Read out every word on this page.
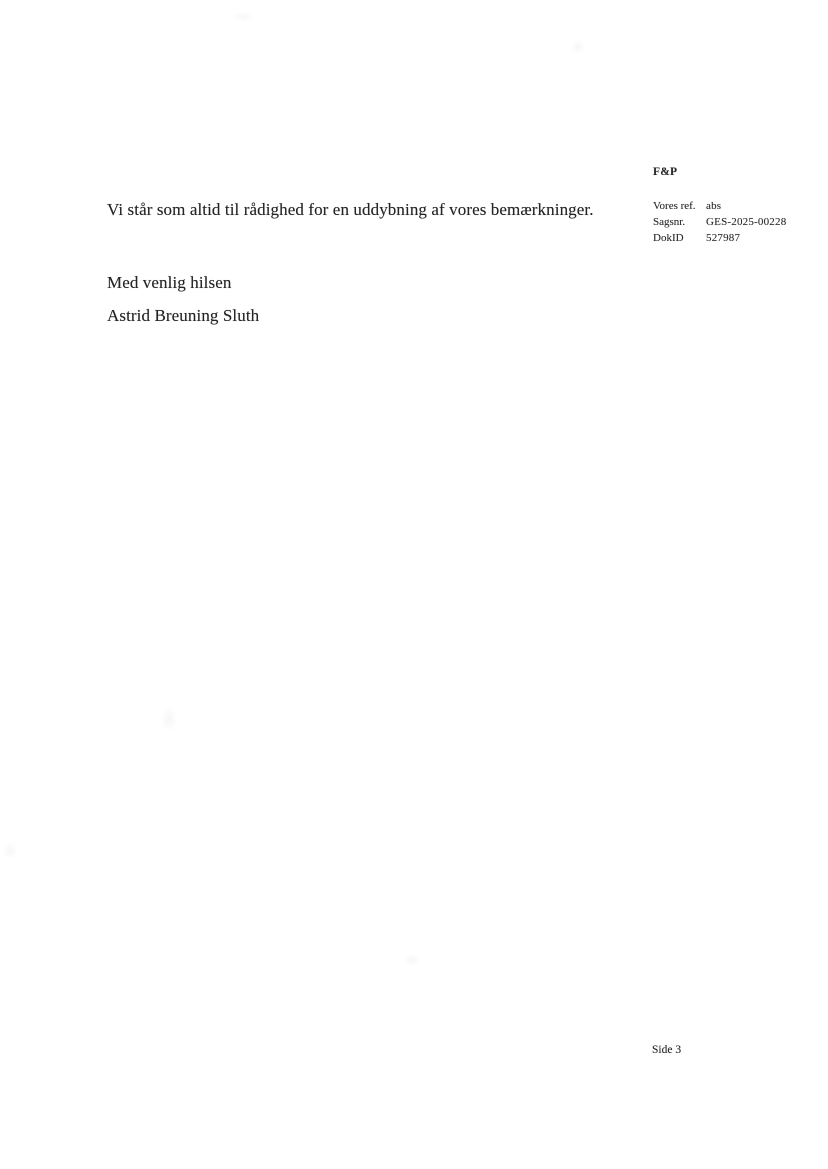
Vi står som altid til rådighed for en uddybning af vores bemærkninger.

Med venlig hilsen

Astrid Breuning Sluth

F&P
Vores ref. abs
Sagsnr.	GES-2025-00228
DokID	527987
Side 3
